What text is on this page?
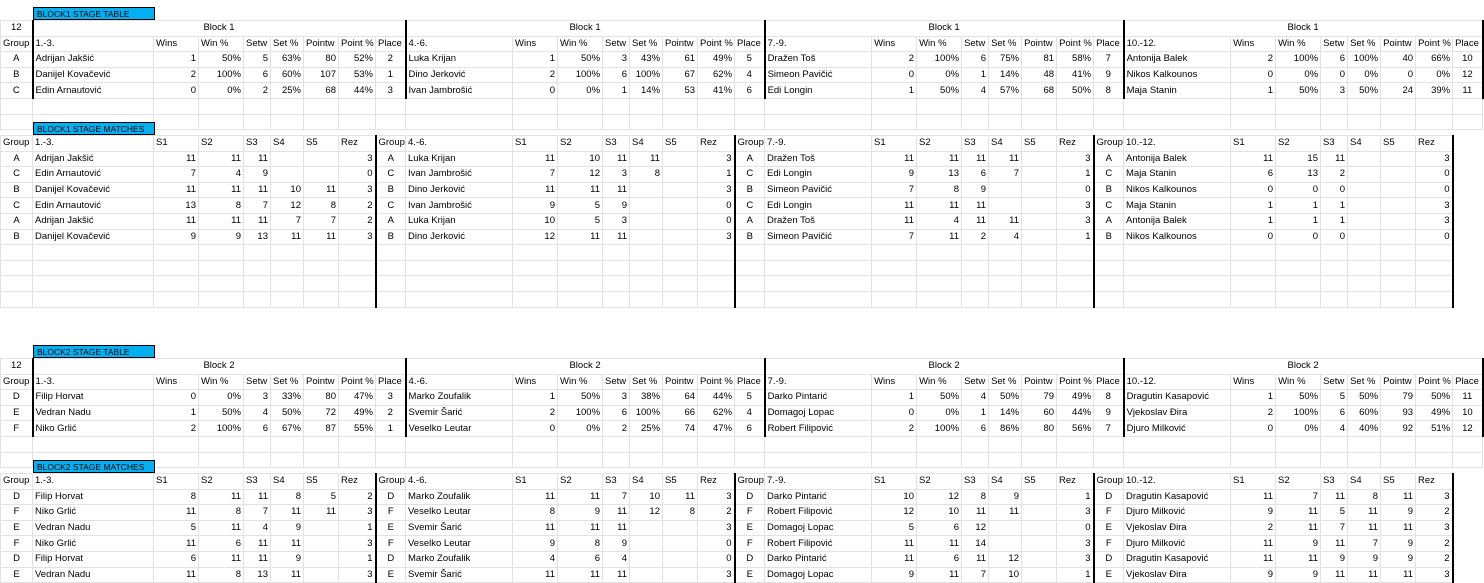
BLOCK1 STAGE TABLE
12	Block 1								Block 1								Block 1								Block 1							
Group	1.-3.	Wins	Win %	Setw	Set %	Pointw	Point %	Place	4.-6.	Wins	Win %	Setw	Set %	Pointw	Point %	Place	7.-9.	Wins	Win %	Setw	Set %	Pointw	Point %	Place	10.-12.	Wins	Win %	Setw	Set %	Pointw	Point %	Place
A	Adrijan Jakšić	1	50%	5	63%	80	52%	2	Luka Krijan	1	50%	3	43%	61	49%	5	Dražen Toš	2	100%	6	75%	81	58%	7	Antonija Balek	2	100%	6	100%	40	66%	10
B	Danijel Kovačević	2	100%	6	60%	107	53%	1	Dino Jerković	2	100%	6	100%	67	62%	4	Simeon Pavičić	0	0%	1	14%	48	41%	9	Nikos Kalkounos	0	0%	0	0%	0	0%	12
C	Edin Arnautović	0	0%	2	25%	68	44%	3	Ivan Jambrošić	0	0%	1	14%	53	41%	6	Edi Longin	1	50%	4	57%	68	50%	8	Maja Stanin	1	50%	3	50%	24	39%	11

BLOCK1 STAGE MATCHES
Group	1.-3.	S1	S2	S3	S4	S5	Rez	Group	4.-6.	S1	S2	S3	S4	S5	Rez	Group	7.-9.	S1	S2	S3	S4	S5	Rez	Group	10.-12.	S1	S2	S3	S4	S5	Rez
A	Adrijan Jakšić	11	11	11			3	A	Luka Krijan	11	10	11	11		3	A	Dražen Toš	11	11	11	11		3	A	Antonija Balek	11	15	11			3
C	Edin Arnautović	7	4	9			0	C	Ivan Jambrošić	7	12	3	8		1	C	Edi Longin	9	13	6	7		1	C	Maja Stanin	6	13	2			0
B	Danijel Kovačević	11	11	11	10	11	3	B	Dino Jerković	11	11	11			3	B	Simeon Pavičić	7	8	9			0	B	Nikos Kalkounos	0	0	0			0
C	Edin Arnautović	13	8	7	12	8	2	C	Ivan Jambrošić	9	5	9			0	C	Edi Longin	11	11	11			3	C	Maja Stanin	1	1	1			3
A	Adrijan Jakšić	11	11	11	7	7	2	A	Luka Krijan	10	5	3			0	A	Dražen Toš	11	4	11	11		3	A	Antonija Balek	1	1	1			3
B	Danijel Kovačević	9	9	13	11	11	3	B	Dino Jerković	12	11	11			3	B	Simeon Pavičić	7	11	2	4		1	B	Nikos Kalkounos	0	0	0			0

BLOCK2 STAGE TABLE
12	Block 2								Block 2								Block 2								Block 2							
Group	1.-3.	Wins	Win %	Setw	Set %	Pointw	Point %	Place	4.-6.	Wins	Win %	Setw	Set %	Pointw	Point %	Place	7.-9.	Wins	Win %	Setw	Set %	Pointw	Point %	Place	10.-12.	Wins	Win %	Setw	Set %	Pointw	Point %	Place
D	Filip Horvat	0	0%	3	33%	80	47%	3	Marko Zoufalik	1	50%	3	38%	64	44%	5	Darko Pintarić	1	50%	4	50%	79	49%	8	Dragutin Kasapović	1	50%	5	50%	79	50%	11
E	Vedran Nadu	1	50%	4	50%	72	49%	2	Svemir Šarić	2	100%	6	100%	66	62%	4	Domagoj Lopac	0	0%	1	14%	60	44%	9	Vjekoslav Đira	2	100%	6	60%	93	49%	10
F	Niko Grlić	2	100%	6	67%	87	55%	1	Veselko Leutar	0	0%	2	25%	74	47%	6	Robert Filipović	2	100%	6	86%	80	56%	7	Djuro Milković	0	0%	4	40%	92	51%	12

BLOCK2 STAGE MATCHES
Group	1.-3.	S1	S2	S3	S4	S5	Rez	Group	4.-6.	S1	S2	S3	S4	S5	Rez	Group	7.-9.	S1	S2	S3	S4	S5	Rez	Group	10.-12.	S1	S2	S3	S4	S5	Rez
D	Filip Horvat	8	11	11	8	5	2	D	Marko Zoufalik	11	11	7	10	11	3	D	Darko Pintarić	10	12	8	9		1	D	Dragutin Kasapović	11	7	11	8	11	3
F	Niko Grlić	11	8	7	11	11	3	F	Veselko Leutar	8	9	11	12	8	2	F	Robert Filipović	12	10	11	11		3	F	Djuro Milković	9	11	5	11	9	2
E	Vedran Nadu	5	11	4	9		1	E	Svemir Šarić	11	11	11			3	E	Domagoj Lopac	5	6	12			0	E	Vjekoslav Đira	2	11	7	11	11	3
F	Niko Grlić	11	6	11	11		3	F	Veselko Leutar	9	8	9			0	F	Robert Filipović	11	11	14			3	F	Djuro Milković	11	9	11	7	9	2
D	Filip Horvat	6	11	11	9		1	D	Marko Zoufalik	4	6	4			0	D	Darko Pintarić	11	6	11	12		3	D	Dragutin Kasapović	11	11	9	9	9	2
E	Vedran Nadu	11	8	13	11		3	E	Svemir Šarić	11	11	11			3	E	Domagoj Lopac	9	11	7	10		1	E	Vjekoslav Đira	9	9	11	11	11	3
